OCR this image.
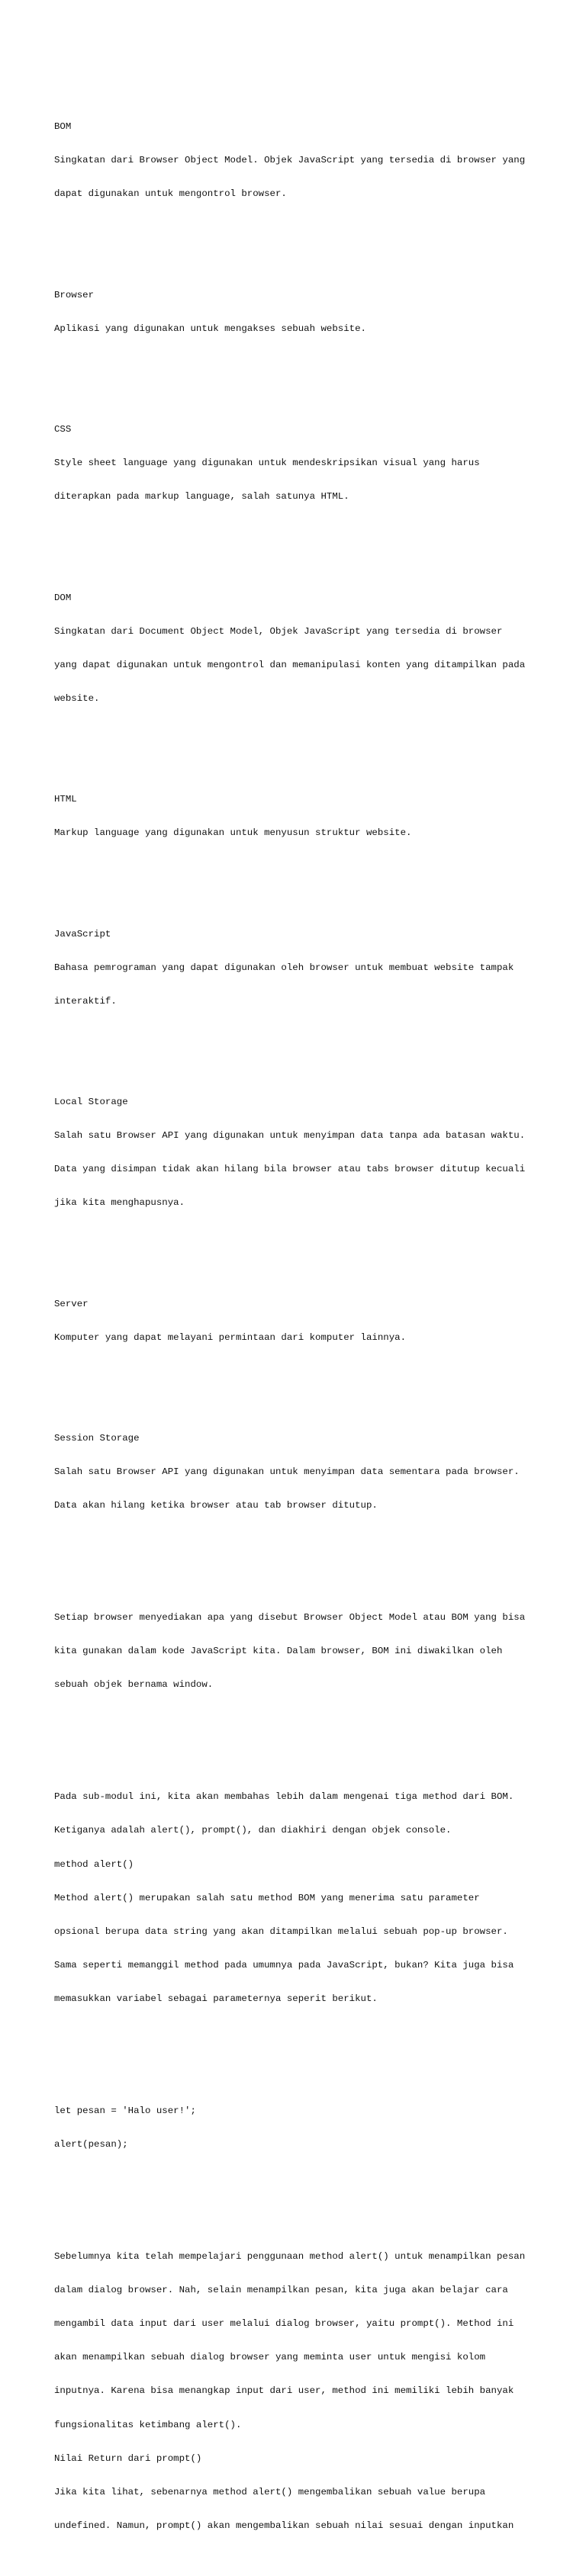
BOM

Singkatan dari Browser Object Model. Objek JavaScript yang tersedia di browser yang

dapat digunakan untuk mengontrol browser.

Browser

Aplikasi yang digunakan untuk mengakses sebuah website.

CSS

Style sheet language yang digunakan untuk mendeskripsikan visual yang harus

diterapkan pada markup language, salah satunya HTML.

DOM

Singkatan dari Document Object Model, Objek JavaScript yang tersedia di browser

yang dapat digunakan untuk mengontrol dan memanipulasi konten yang ditampilkan pada

website.

HTML

Markup language yang digunakan untuk menyusun struktur website.

JavaScript

Bahasa pemrograman yang dapat digunakan oleh browser untuk membuat website tampak

interaktif.

Local Storage

Salah satu Browser API yang digunakan untuk menyimpan data tanpa ada batasan waktu.

Data yang disimpan tidak akan hilang bila browser atau tabs browser ditutup kecuali

jika kita menghapusnya.

Server

Komputer yang dapat melayani permintaan dari komputer lainnya.

Session Storage

Salah satu Browser API yang digunakan untuk menyimpan data sementara pada browser.

Data akan hilang ketika browser atau tab browser ditutup.

Setiap browser menyediakan apa yang disebut Browser Object Model atau BOM yang bisa

kita gunakan dalam kode JavaScript kita. Dalam browser, BOM ini diwakilkan oleh

sebuah objek bernama window.

Pada sub-modul ini, kita akan membahas lebih dalam mengenai tiga method dari BOM.

Ketiganya adalah alert(), prompt(), dan diakhiri dengan objek console.

method alert()

Method alert() merupakan salah satu method BOM yang menerima satu parameter

opsional berupa data string yang akan ditampilkan melalui sebuah pop-up browser.

Sama seperti memanggil method pada umumnya pada JavaScript, bukan? Kita juga bisa

memasukkan variabel sebagai parameternya seperit berikut.

let pesan = 'Halo user!';

alert(pesan);

Sebelumnya kita telah mempelajari penggunaan method alert() untuk menampilkan pesan

dalam dialog browser. Nah, selain menampilkan pesan, kita juga akan belajar cara

mengambil data input dari user melalui dialog browser, yaitu prompt(). Method ini

akan menampilkan sebuah dialog browser yang meminta user untuk mengisi kolom

inputnya. Karena bisa menangkap input dari user, method ini memiliki lebih banyak

fungsionalitas ketimbang alert().

Nilai Return dari prompt()

Jika kita lihat, sebenarnya method alert() mengembalikan sebuah value berupa

undefined. Namun, prompt() akan mengembalikan sebuah nilai sesuai dengan inputkan
